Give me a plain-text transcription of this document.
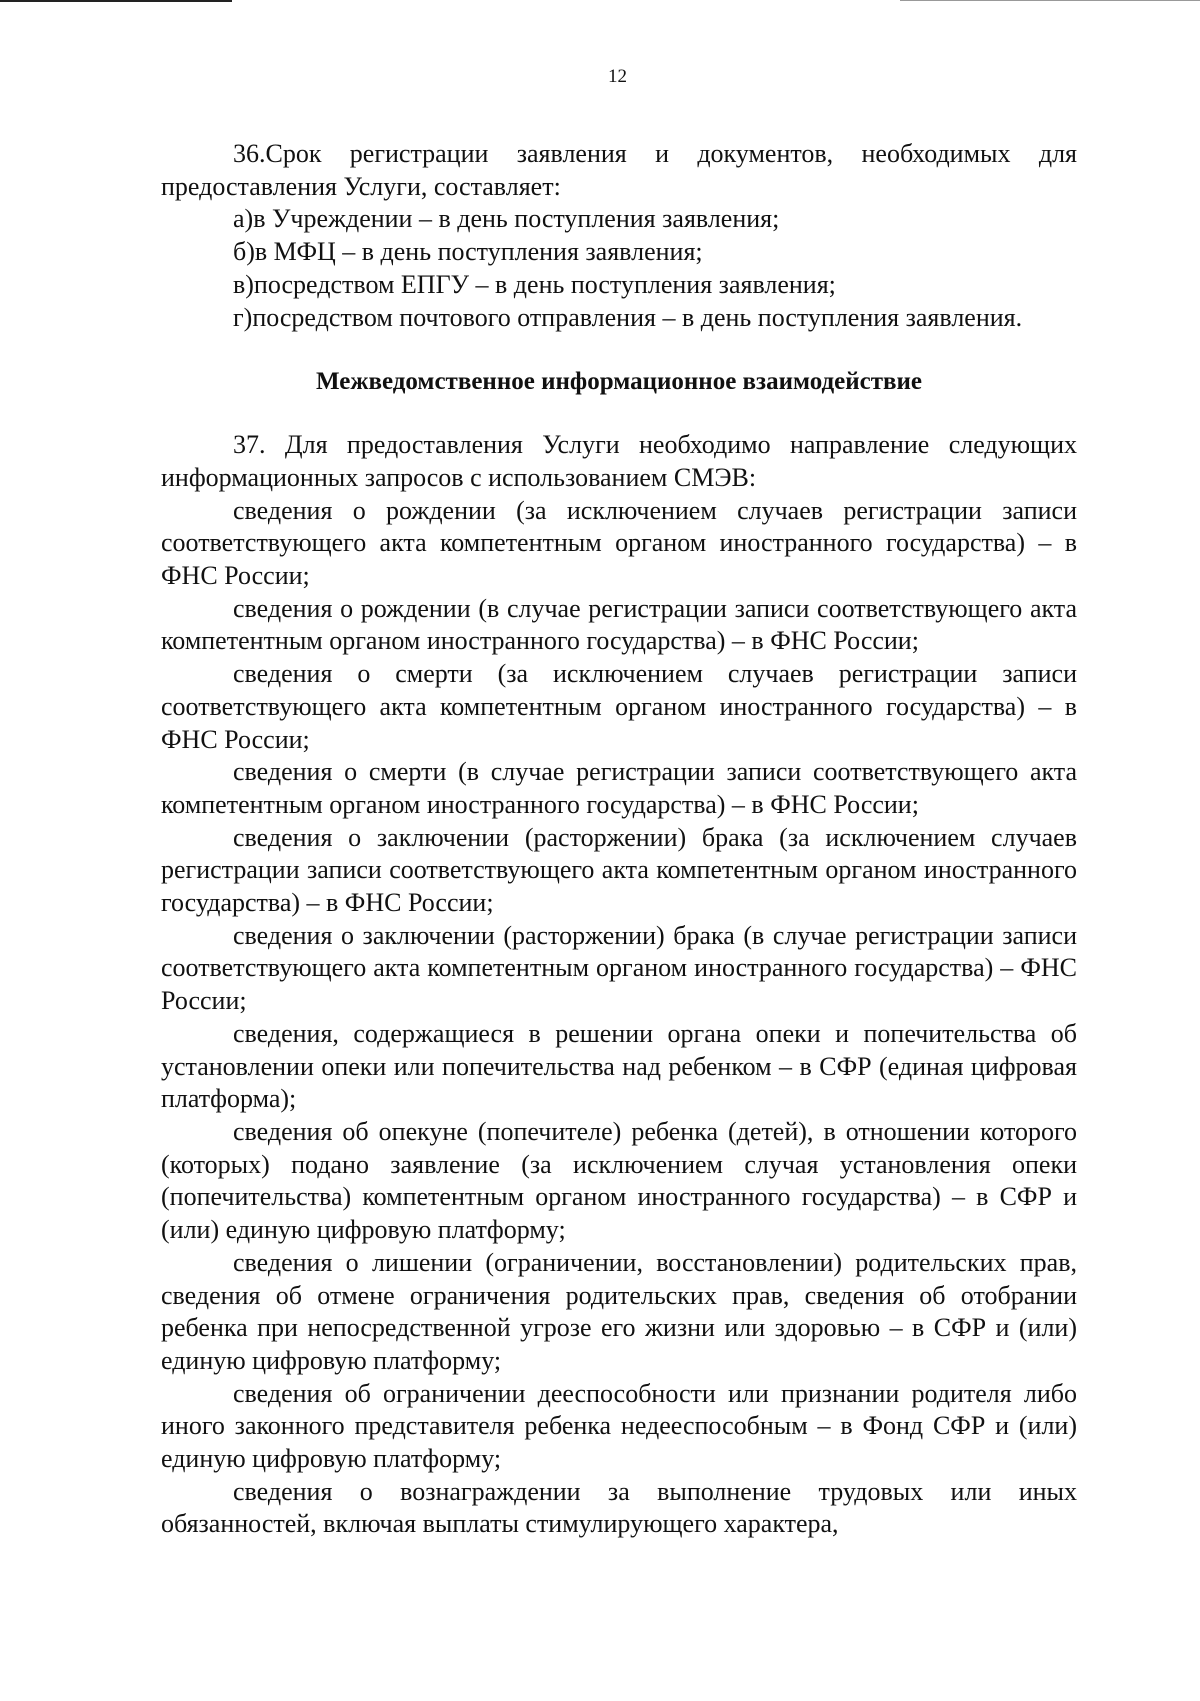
12

36.Срок регистрации заявления и документов, необходимых для предоставления Услуги, составляет:

а)в Учреждении – в день поступления заявления;

б)в МФЦ – в день поступления заявления;

в)посредством ЕПГУ – в день поступления заявления;

г)посредством почтового отправления – в день поступления заявления.

Межведомственное информационное взаимодействие

37. Для предоставления Услуги необходимо направление следующих информационных запросов с использованием СМЭВ:

сведения о рождении (за исключением случаев регистрации записи соответствующего акта компетентным органом иностранного государства) – в ФНС России;

сведения о рождении (в случае регистрации записи соответствующего акта компетентным органом иностранного государства) – в ФНС России;

сведения о смерти (за исключением случаев регистрации записи соответствующего акта компетентным органом иностранного государства) – в ФНС России;

сведения о смерти (в случае регистрации записи соответствующего акта компетентным органом иностранного государства) – в ФНС России;

сведения о заключении (расторжении) брака (за исключением случаев регистрации записи соответствующего акта компетентным органом иностранного государства) – в ФНС России;

сведения о заключении (расторжении) брака (в случае регистрации записи соответствующего акта компетентным органом иностранного государства) – ФНС России;

сведения, содержащиеся в решении органа опеки и попечительства об установлении опеки или попечительства над ребенком – в СФР (единая цифровая платформа);

сведения об опекуне (попечителе) ребенка (детей), в отношении которого (которых) подано заявление (за исключением случая установления опеки (попечительства) компетентным органом иностранного государства) – в СФР и (или) единую цифровую платформу;

сведения о лишении (ограничении, восстановлении) родительских прав, сведения об отмене ограничения родительских прав, сведения об отобрании ребенка при непосредственной угрозе его жизни или здоровью – в СФР и (или) единую цифровую платформу;

сведения об ограничении дееспособности или признании родителя либо иного законного представителя ребенка недееспособным – в Фонд СФР и (или) единую цифровую платформу;

сведения о вознаграждении за выполнение трудовых или иных обязанностей, включая выплаты стимулирующего характера,
